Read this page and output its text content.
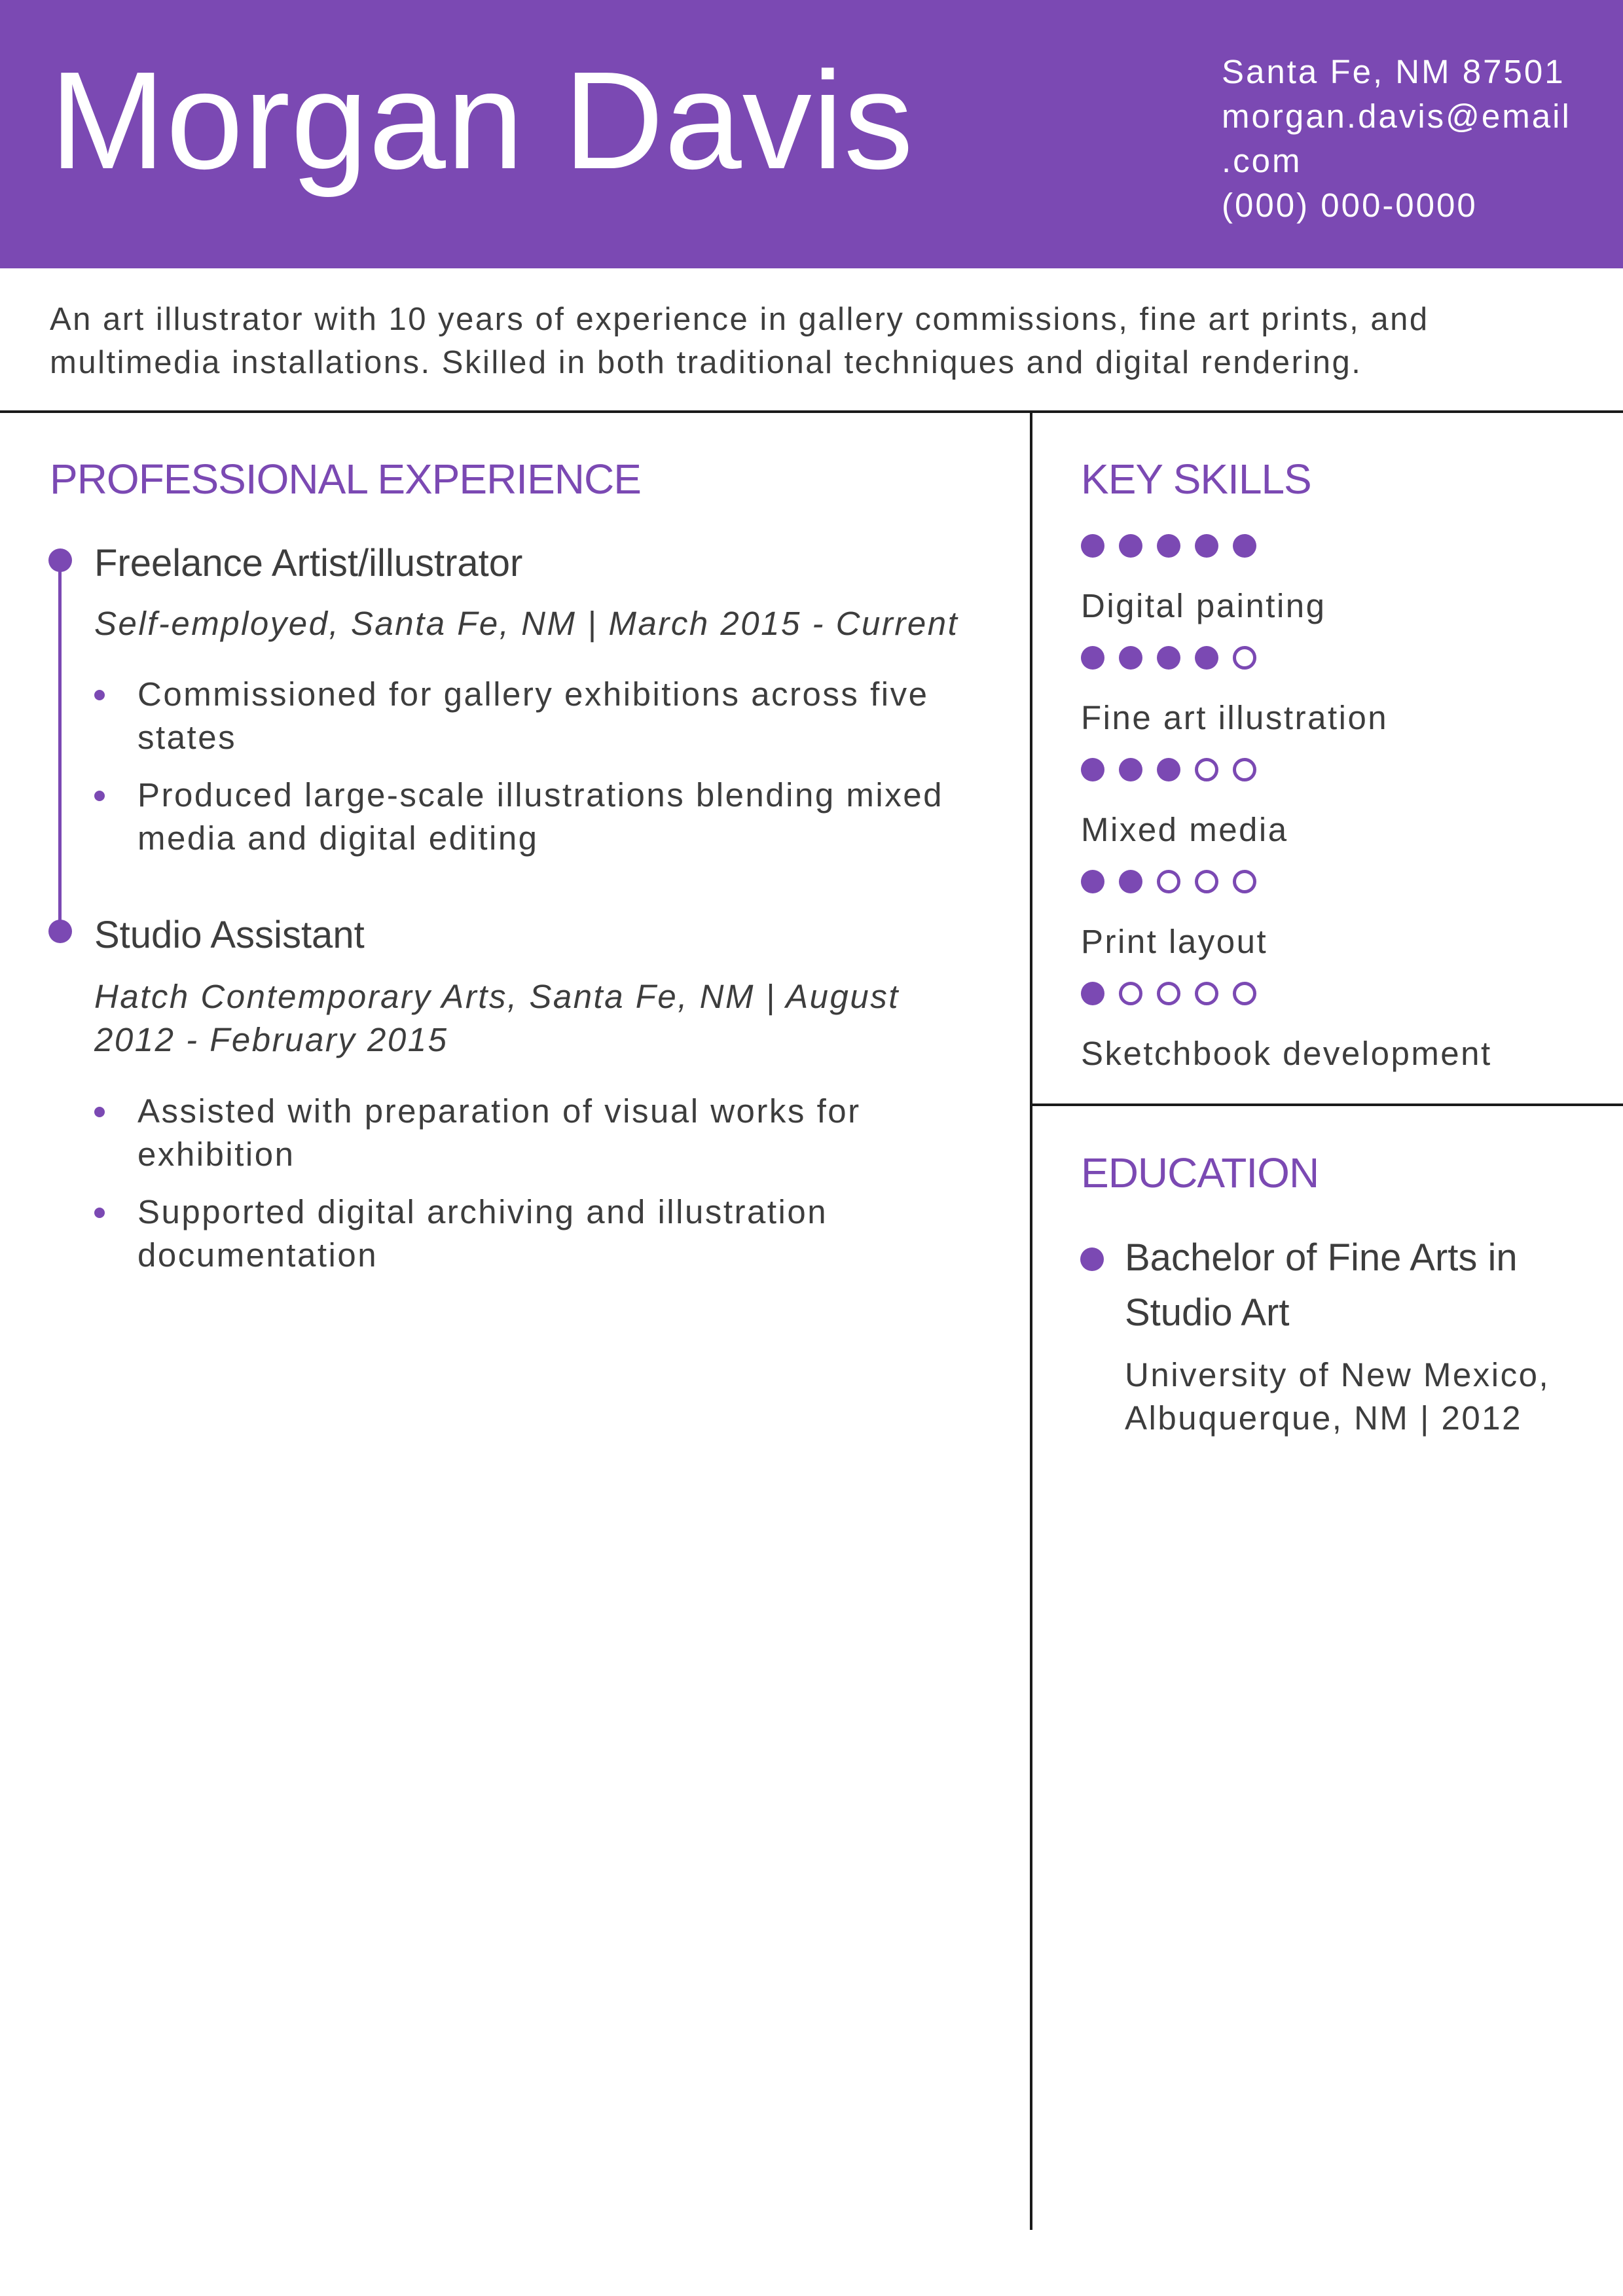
Morgan Davis	Santa Fe, NM 87501
morgan.davis@email
.com
(000) 000-0000
An art illustrator with 10 years of experience in gallery commissions, fine art prints, and multimedia installations. Skilled in both traditional techniques and digital rendering.
PROFESSIONAL EXPERIENCE
Freelance Artist/illustrator
Self-employed, Santa Fe, NM | March 2015 - Current
Commissioned for gallery exhibitions across five states
Produced large-scale illustrations blending mixed media and digital editing
Studio Assistant
Hatch Contemporary Arts, Santa Fe, NM | August 2012 - February 2015
Assisted with preparation of visual works for exhibition
Supported digital archiving and illustration documentation
KEY SKILLS
Digital painting
Fine art illustration
Mixed media
Print layout
Sketchbook development
EDUCATION
Bachelor of Fine Arts in Studio Art
University of New Mexico, Albuquerque, NM | 2012
